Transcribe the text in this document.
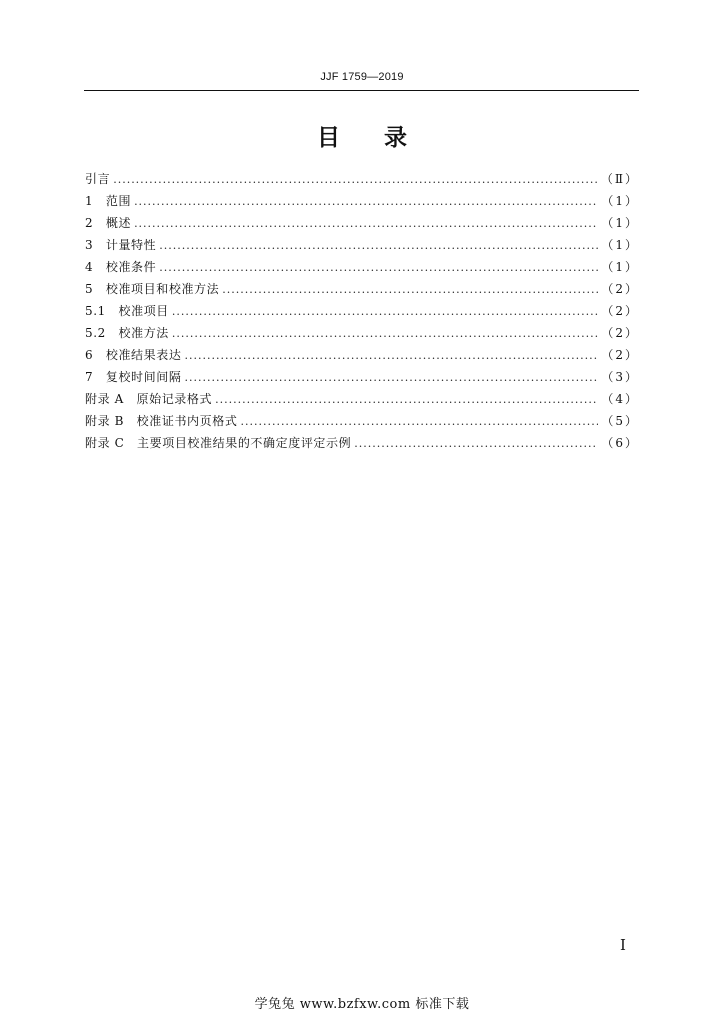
JJF 1759—2019
目 录
引言 .....	（Ⅱ）
1  范围 .....	（1）
2  概述 .....	（1）
3  计量特性 .....	（1）
4  校准条件 .....	（1）
5  校准项目和校准方法 .....	（2）
5.1  校准项目 .....	（2）
5.2  校准方法 .....	（2）
6  校准结果表达 .....	（2）
7  复校时间间隔 .....	（3）
附录 A  原始记录格式 .....	（4）
附录 B  校准证书内页格式 .....	（5）
附录 C  主要项目校准结果的不确定度评定示例 .....	（6）
I
学兔兔 www.bzfxw.com 标准下载
